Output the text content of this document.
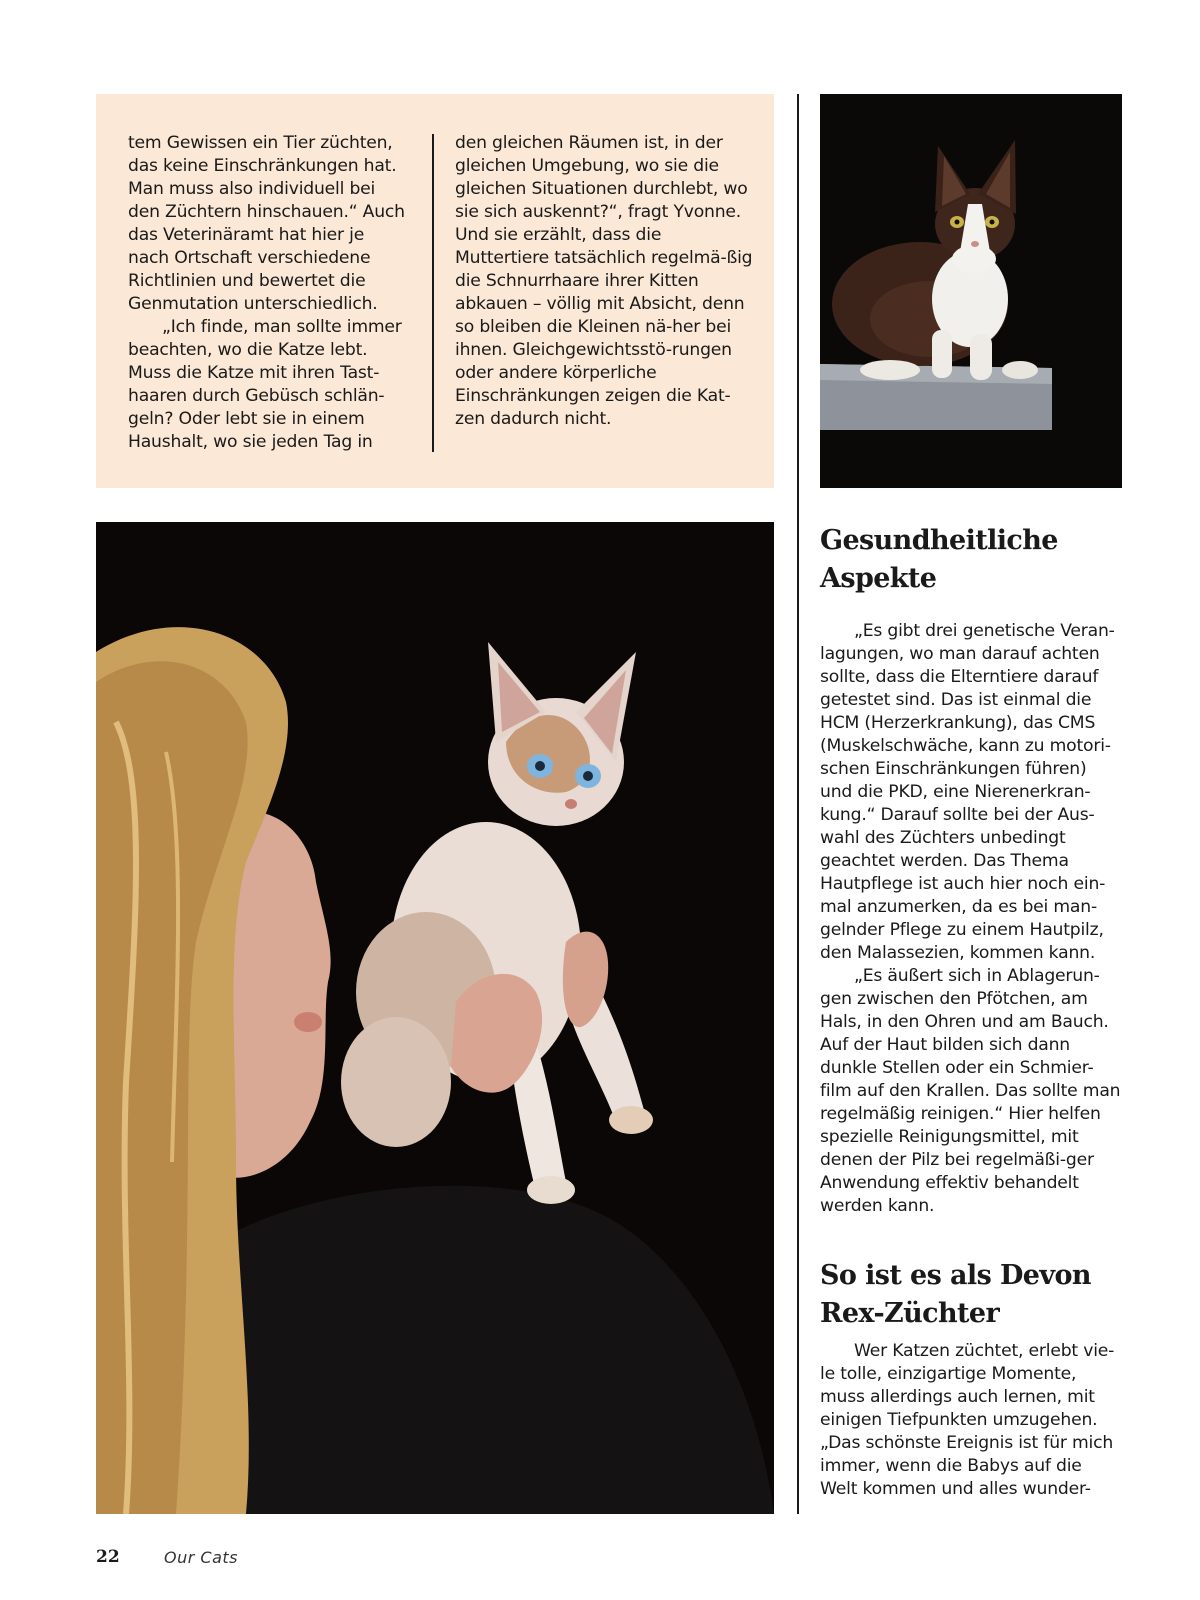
tem Gewissen ein Tier züchten, das keine Einschränkungen hat. Man muss also individuell bei den Züchtern hinschauen.“ Auch das Veterinäramt hat hier je nach Ortschaft verschiedene Richtlinien und bewertet die Genmutation unterschiedlich.

„Ich finde, man sollte immer beachten, wo die Katze lebt. Muss die Katze mit ihren Tast-haaren durch Gebüsch schlän-geln? Oder lebt sie in einem Haushalt, wo sie jeden Tag in

den gleichen Räumen ist, in der gleichen Umgebung, wo sie die gleichen Situationen durchlebt, wo sie sich auskennt?“, fragt Yvonne. Und sie erzählt, dass die Muttertiere tatsächlich regelmä-ßig die Schnurrhaare ihrer Kitten abkauen – völlig mit Absicht, denn so bleiben die Kleinen nä-her bei ihnen. Gleichgewichtsstö-rungen oder andere körperliche Einschränkungen zeigen die Kat-zen dadurch nicht.

Gesundheitliche Aspekte

„Es gibt drei genetische Veran-lagungen, wo man darauf achten sollte, dass die Elterntiere darauf getestet sind. Das ist einmal die HCM (Herzerkrankung), das CMS (Muskelschwäche, kann zu motori-schen Einschränkungen führen) und die PKD, eine Nierenerkran-kung.“ Darauf sollte bei der Aus-wahl des Züchters unbedingt geachtet werden. Das Thema Hautpflege ist auch hier noch ein-mal anzumerken, da es bei man-gelnder Pflege zu einem Hautpilz, den Malassezien, kommen kann.

„Es äußert sich in Ablagerun-gen zwischen den Pfötchen, am Hals, in den Ohren und am Bauch. Auf der Haut bilden sich dann dunkle Stellen oder ein Schmier-film auf den Krallen. Das sollte man regelmäßig reinigen.“ Hier helfen spezielle Reinigungsmittel, mit denen der Pilz bei regelmäßi-ger Anwendung effektiv behandelt werden kann.

So ist es als Devon Rex-Züchter

Wer Katzen züchtet, erlebt vie-le tolle, einzigartige Momente, muss allerdings auch lernen, mit einigen Tiefpunkten umzugehen. „Das schönste Ereignis ist für mich immer, wenn die Babys auf die Welt kommen und alles wunder-

22	Our Cats
